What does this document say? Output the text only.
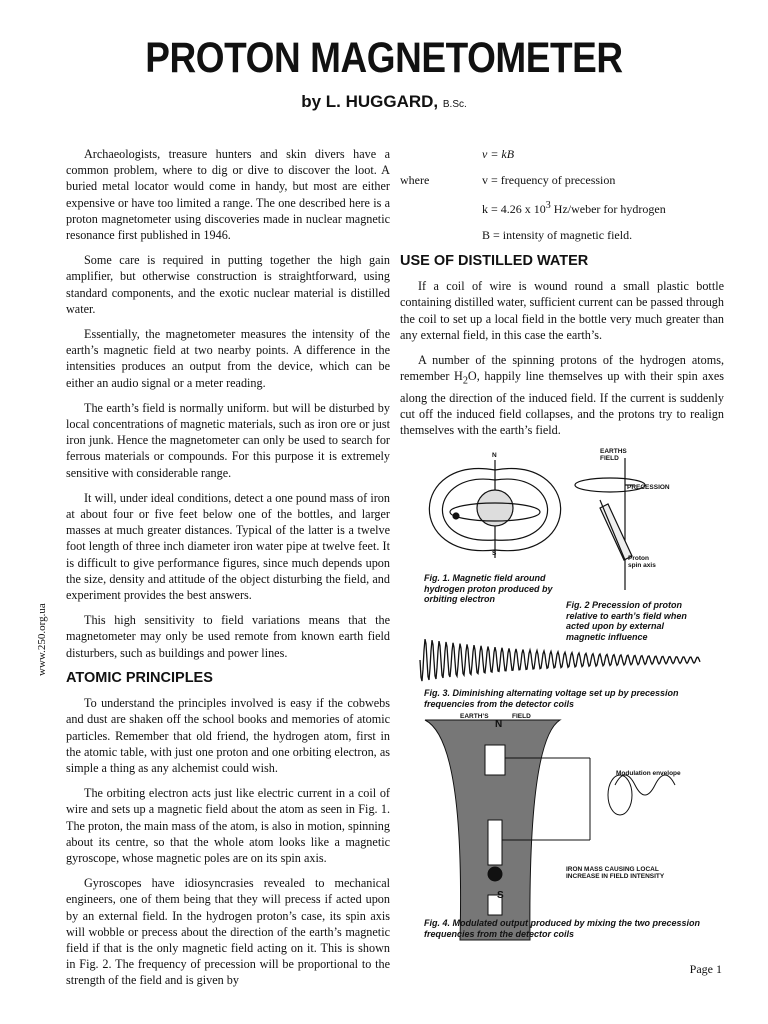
PROTON MAGNETOMETER
by L. HUGGARD, B.Sc.
www.250.org.ua

Archaeologists, treasure hunters and skin divers have a common problem, where to dig or dive to discover the loot. A buried metal locator would come in handy, but most are either expensive or have too limited a range. The one described here is a proton magnetometer using discoveries made in nuclear magnetic resonance first published in 1946.

Some care is required in putting together the high gain amplifier, but otherwise construction is straightforward, using standard components, and the exotic nuclear material is distilled water.

Essentially, the magnetometer measures the intensity of the earth’s magnetic field at two nearby points. A difference in the intensities produces an output from the device, which can be either an audio signal or a meter reading.

The earth’s field is normally uniform. but will be disturbed by local concentrations of magnetic materials, such as iron ore or just iron junk. Hence the magnetometer can only be used to search for ferrous materials or compounds. For this purpose it is extremely sensitive with considerable range.

It will, under ideal conditions, detect a one pound mass of iron at about four or five feet below one of the bottles, and larger masses at much greater distances. Typical of the latter is a twelve foot length of three inch diameter iron water pipe at twelve feet. It is difficult to give performance figures, since much depends upon the size, density and attitude of the object disturbing the field, and experiment provides the best answers.

This high sensitivity to field variations means that the magnetometer may only be used remote from known earth field disturbers, such as buildings and power lines.

ATOMIC PRINCIPLES

To understand the principles involved is easy if the cobwebs and dust are shaken off the school books and memories of atomic particles. Remember that old friend, the hydrogen atom, first in the atomic table, with just one proton and one orbiting electron, as simple a thing as any alchemist could wish.

The orbiting electron acts just like electric current in a coil of wire and sets up a magnetic field about the atom as seen in Fig. 1. The proton, the main mass of the atom, is also in motion, spinning about its centre, so that the whole atom looks like a magnetic gyroscope, whose magnetic poles are on its spin axis.

Gyroscopes have idiosyncrasies revealed to mechanical engineers, one of them being that they will precess if acted upon by an external field. In the hydrogen proton’s case, its spin axis will wobble or precess about the direction of the earth’s magnetic field if that is the only magnetic field acting on it. This is shown in Fig. 2. The frequency of precession will be proportional to the strength of the field and is given by

v = kB
where	v = frequency of precession
k = 4.26 x $10^3$ Hz/weber for hydrogen
B = intensity of magnetic field.

USE OF DISTILLED WATER

If a coil of wire is wound round a small plastic bottle containing distilled water, sufficient current can be passed through the coil to set up a local field in the bottle very much greater than any external field, in this case the earth’s.

A number of the spinning protons of the hydrogen atoms, remember $H_2O$, happily line themselves up with their spin axes along the direction of the induced field. If the current is suddenly cut off the induced field collapses, and the protons try to realign themselves with the earth’s field.

Fig. 1. Magnetic field around hydrogen proton produced by orbiting electron
Fig. 2 Precession of proton relative to earth’s field when acted upon by external magnetic influence
Fig. 3. Diminishing alternating voltage set up by precession frequencies from the detector coils
Fig. 4. Modulated output produced by mixing the two precession frequencies from the detector coils
N
S
EARTHS FIELD
PRECESSION
Proton spin axis
EARTH’S	FIELD
N
S
Modulation envelope
IRON MASS CAUSING LOCAL INCREASE IN FIELD INTENSITY
Page 1
